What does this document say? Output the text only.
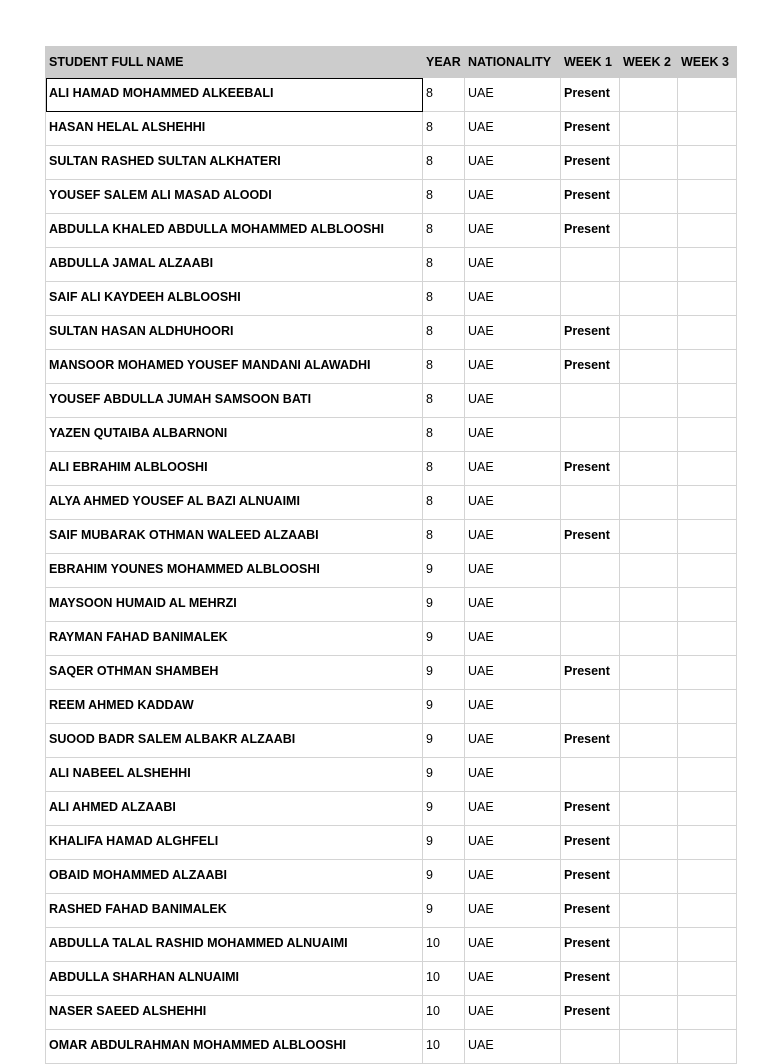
STUDENT FULL NAME	YEAR	NATIONALITY	WEEK 1	WEEK 2	WEEK 3
ALI HAMAD MOHAMMED ALKEEBALI	8	UAE	Present		
HASAN HELAL ALSHEHHI	8	UAE	Present		
SULTAN RASHED SULTAN ALKHATERI	8	UAE	Present		
YOUSEF SALEM ALI MASAD ALOODI	8	UAE	Present		
ABDULLA KHALED ABDULLA MOHAMMED ALBLOOSHI	8	UAE	Present		
ABDULLA JAMAL ALZAABI	8	UAE			
SAIF ALI KAYDEEH ALBLOOSHI	8	UAE			
SULTAN HASAN ALDHUHOORI	8	UAE	Present		
MANSOOR MOHAMED YOUSEF MANDANI ALAWADHI	8	UAE	Present		
YOUSEF ABDULLA JUMAH SAMSOON BATI	8	UAE			
YAZEN QUTAIBA ALBARNONI	8	UAE			
ALI EBRAHIM ALBLOOSHI	8	UAE	Present		
ALYA AHMED YOUSEF AL BAZI ALNUAIMI	8	UAE			
SAIF MUBARAK OTHMAN WALEED ALZAABI	8	UAE	Present		
EBRAHIM YOUNES MOHAMMED ALBLOOSHI	9	UAE			
MAYSOON HUMAID AL MEHRZI	9	UAE			
RAYMAN FAHAD BANIMALEK	9	UAE			
SAQER OTHMAN SHAMBEH	9	UAE	Present		
REEM AHMED KADDAW	9	UAE			
SUOOD BADR SALEM ALBAKR ALZAABI	9	UAE	Present		
ALI NABEEL ALSHEHHI	9	UAE			
ALI AHMED ALZAABI	9	UAE	Present		
KHALIFA HAMAD ALGHFELI	9	UAE	Present		
OBAID MOHAMMED ALZAABI	9	UAE	Present		
RASHED FAHAD BANIMALEK	9	UAE	Present		
ABDULLA TALAL RASHID MOHAMMED ALNUAIMI	10	UAE	Present		
ABDULLA SHARHAN ALNUAIMI	10	UAE	Present		
NASER SAEED ALSHEHHI	10	UAE	Present		
OMAR ABDULRAHMAN MOHAMMED ALBLOOSHI	10	UAE			
